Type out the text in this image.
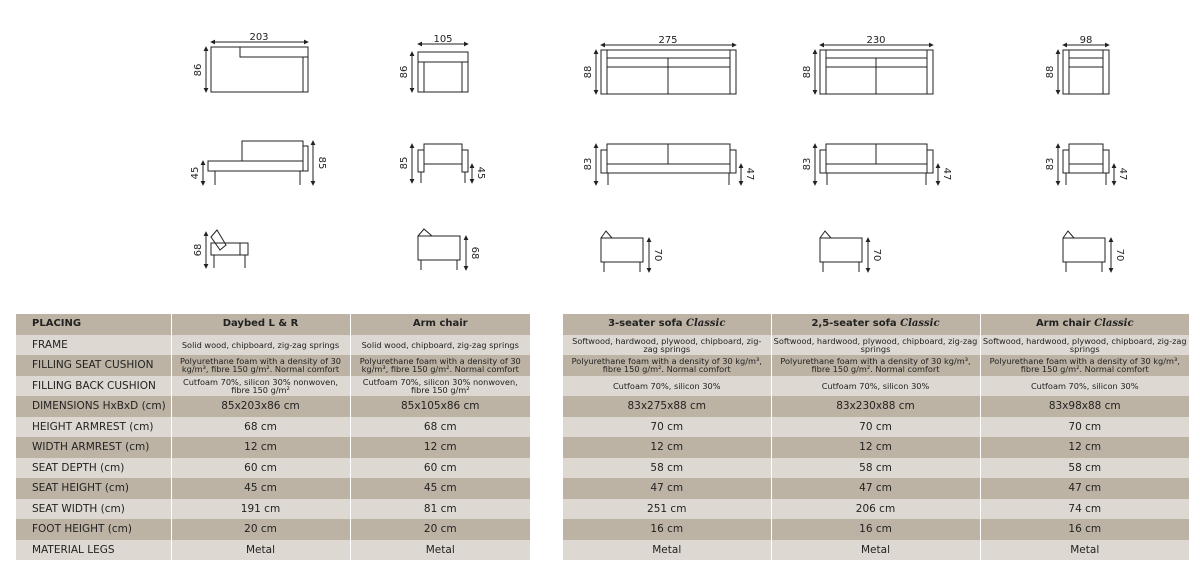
203
86
45
85
68
105
86
85
45
68
275
88
83
47
70
230
88
83
47
70
98
88
83
47
70
PLACING	Daybed L & R	Arm chair
FRAME	Solid wood, chipboard, zig-zag springs	Solid wood, chipboard, zig-zag springs
FILLING SEAT CUSHION	Polyurethane foam with a density of 30 kg/m³, fibre 150 g/m². Normal comfort	Polyurethane foam with a density of 30 kg/m³, fibre 150 g/m². Normal comfort
FILLING BACK CUSHION	Cutfoam 70%, silicon 30% nonwoven, fibre 150 g/m²	Cutfoam 70%, silicon 30% nonwoven, fibre 150 g/m²
DIMENSIONS HxBxD (cm)	85x203x86 cm	85x105x86 cm
HEIGHT ARMREST (cm)	68 cm	68 cm
WIDTH ARMREST (cm)	12 cm	12 cm
SEAT DEPTH (cm)	60 cm	60 cm
SEAT HEIGHT (cm)	45 cm	45 cm
SEAT WIDTH (cm)	191 cm	81 cm
FOOT HEIGHT (cm)	20 cm	20 cm
MATERIAL LEGS	Metal	Metal
3-seater sofa Classic	2,5-seater sofa Classic	Arm chair Classic
Softwood, hardwood, plywood, chipboard, zig-zag springs	Softwood, hardwood, plywood, chipboard, zig-zag springs	Softwood, hardwood, plywood, chipboard, zig-zag springs
Polyurethane foam with a density of 30 kg/m³, fibre 150 g/m². Normal comfort	Polyurethane foam with a density of 30 kg/m³, fibre 150 g/m². Normal comfort	Polyurethane foam with a density of 30 kg/m³, fibre 150 g/m². Normal comfort
Cutfoam 70%, silicon 30%	Cutfoam 70%, silicon 30%	Cutfoam 70%, silicon 30%
83x275x88 cm	83x230x88 cm	83x98x88 cm
70 cm	70 cm	70 cm
12 cm	12 cm	12 cm
58 cm	58 cm	58 cm
47 cm	47 cm	47 cm
251 cm	206 cm	74 cm
16 cm	16 cm	16 cm
Metal	Metal	Metal
